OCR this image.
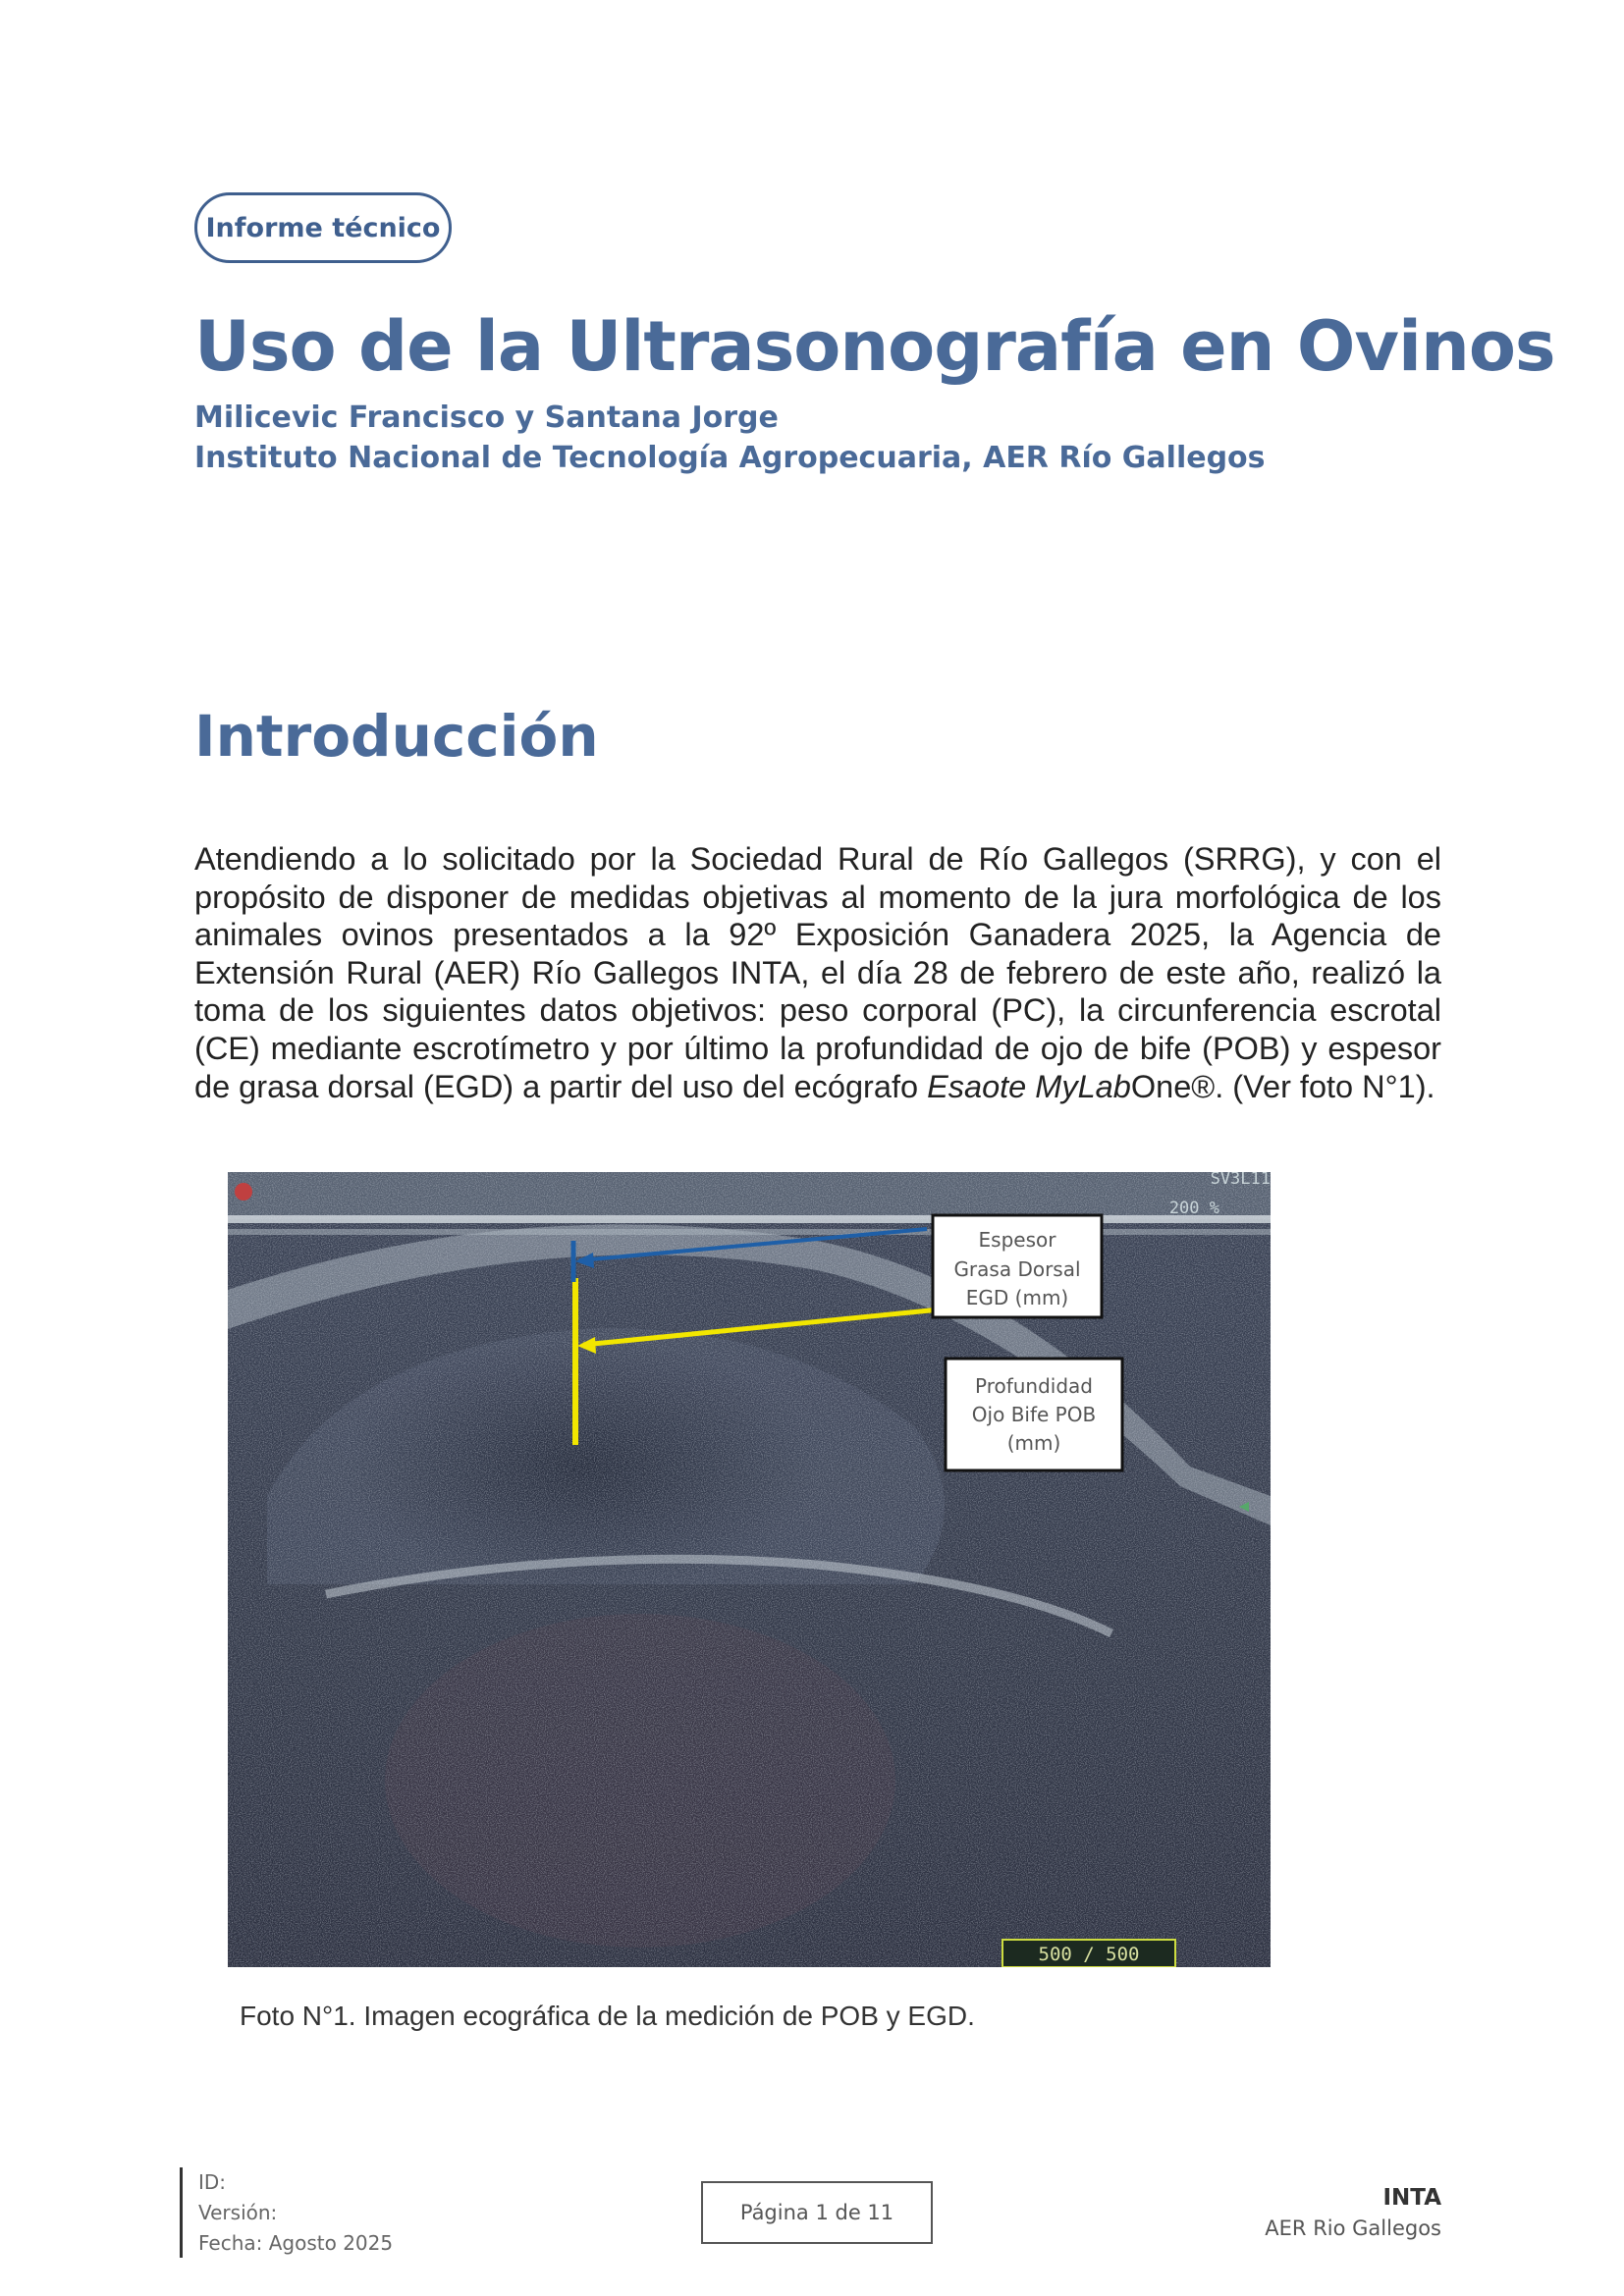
Informe técnico
Uso de la Ultrasonografía en Ovinos

Milicevic Francisco y Santana Jorge

Instituto Nacional de Tecnología Agropecuaria, AER Río Gallegos

Introducción

Atendiendo a lo solicitado por la Sociedad Rural de Río Gallegos (SRRG), y con el propósito de disponer de medidas objetivas al momento de la jura morfológica de los animales ovinos presentados a la 92º Exposición Ganadera 2025, la Agencia de Extensión Rural (AER) Río Gallegos INTA, el día 28 de febrero de este año, realizó la toma de los siguientes datos objetivos: peso corporal (PC), la circunferencia escrotal (CE) mediante escrotímetro y por último la profundidad de ojo de bife (POB) y espesor de grasa dorsal (EGD) a partir del uso del ecógrafo Esaote MyLabOne®. (Ver foto N°1).

SV3L11
200 %
500 / 500
Espesor
Grasa Dorsal
EGD (mm)
Profundidad
Ojo Bife POB
(mm)

Foto N°1. Imagen ecográfica de la medición de POB y EGD.

ID:
Versión:
Fecha: Agosto 2025
Página 1 de 11
INTA
AER Rio Gallegos
